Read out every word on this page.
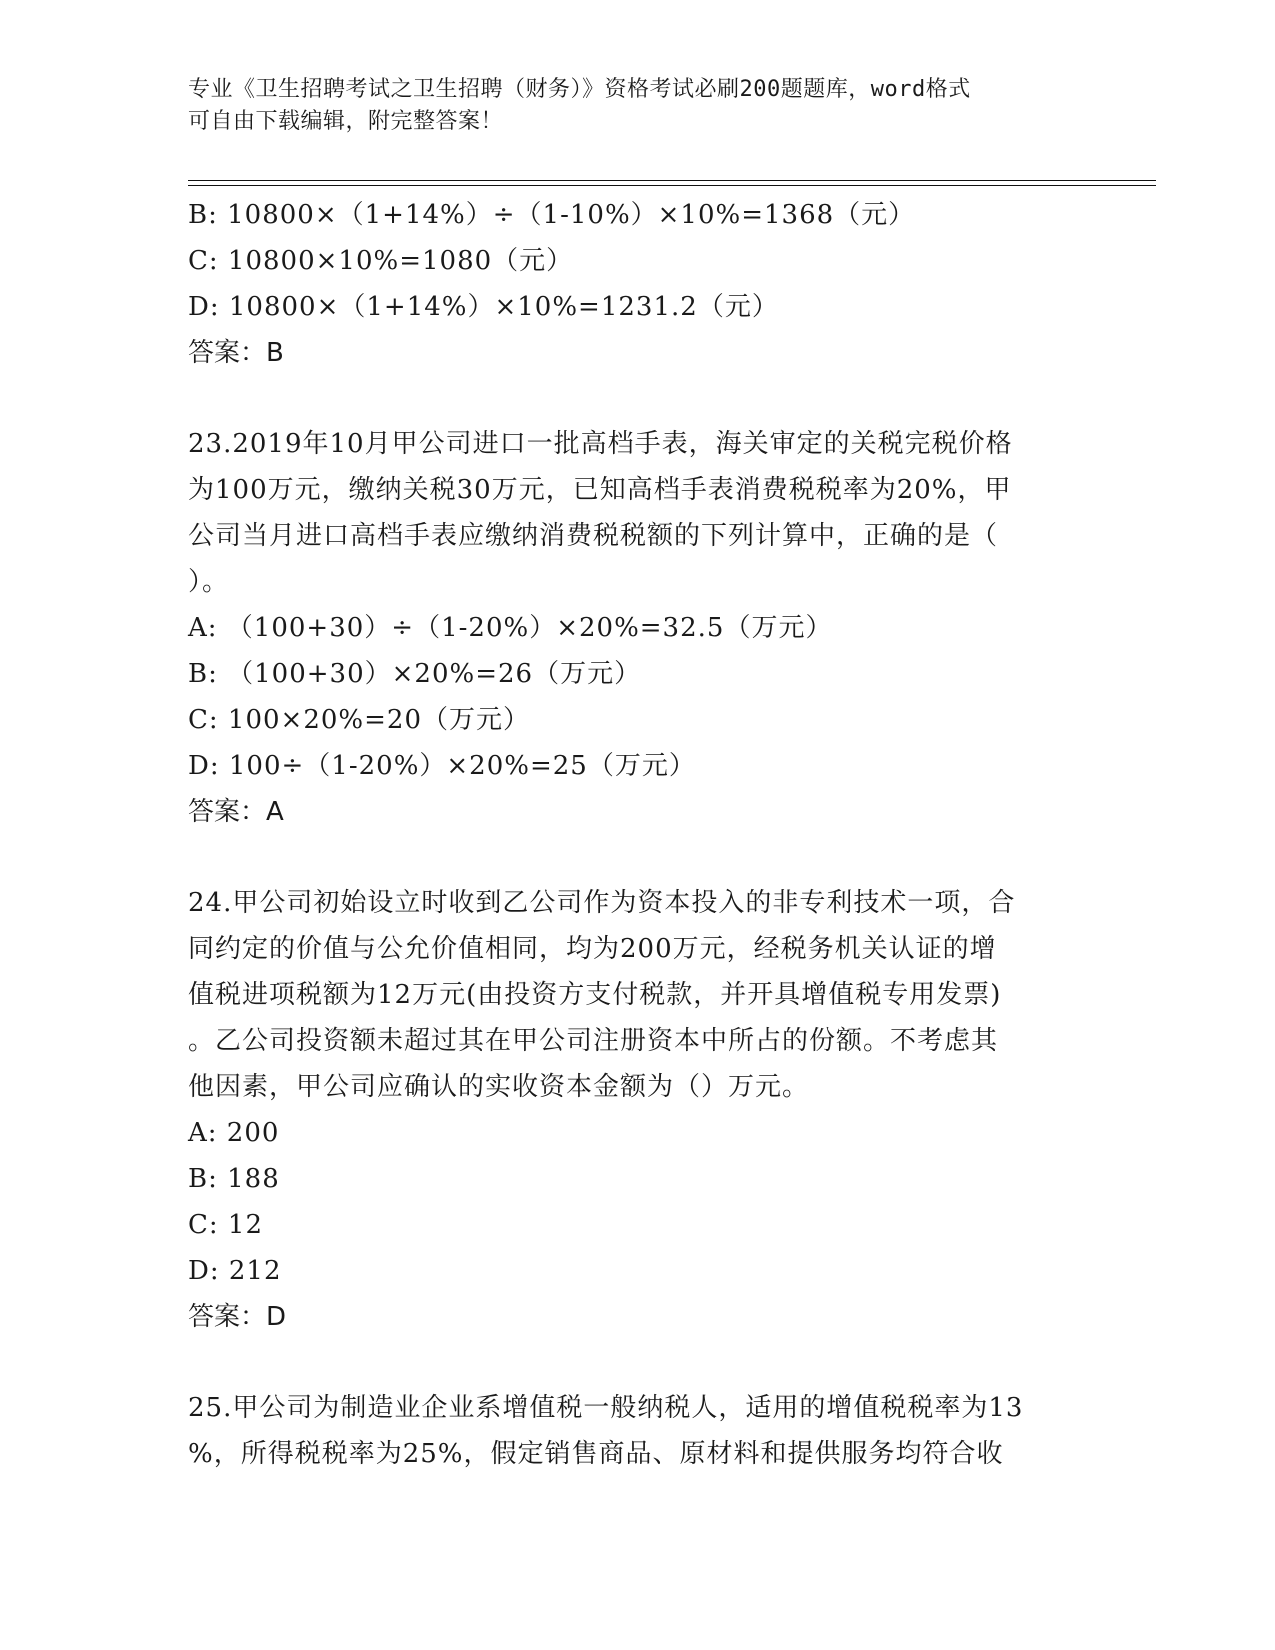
专业《卫生招聘考试之卫生招聘（财务）》资格考试必刷200题题库，word格式
可自由下载编辑，附完整答案！
B: 10800×（1+14%）÷（1-10%）×10%=1368（元）
C: 10800×10%=1080（元）
D: 10800×（1+14%）×10%=1231.2（元）
答案：B
23.2019年10月甲公司进口一批高档手表，海关审定的关税完税价格
为100万元，缴纳关税30万元，已知高档手表消费税税率为20%，甲
公司当月进口高档手表应缴纳消费税税额的下列计算中，正确的是（
）。
A: （100+30）÷（1-20%）×20%=32.5（万元）
B: （100+30）×20%=26（万元）
C: 100×20%=20（万元）
D: 100÷（1-20%）×20%=25（万元）
答案：A
24.甲公司初始设立时收到乙公司作为资本投入的非专利技术一项，合
同约定的价值与公允价值相同，均为200万元，经税务机关认证的增
值税进项税额为12万元(由投资方支付税款，并开具增值税专用发票)
。乙公司投资额未超过其在甲公司注册资本中所占的份额。不考虑其
他因素，甲公司应确认的实收资本金额为（）万元。
A: 200
B: 188
C: 12
D: 212
答案：D
25.甲公司为制造业企业系增值税一般纳税人，适用的增值税税率为13
%，所得税税率为25%，假定销售商品、原材料和提供服务均符合收
